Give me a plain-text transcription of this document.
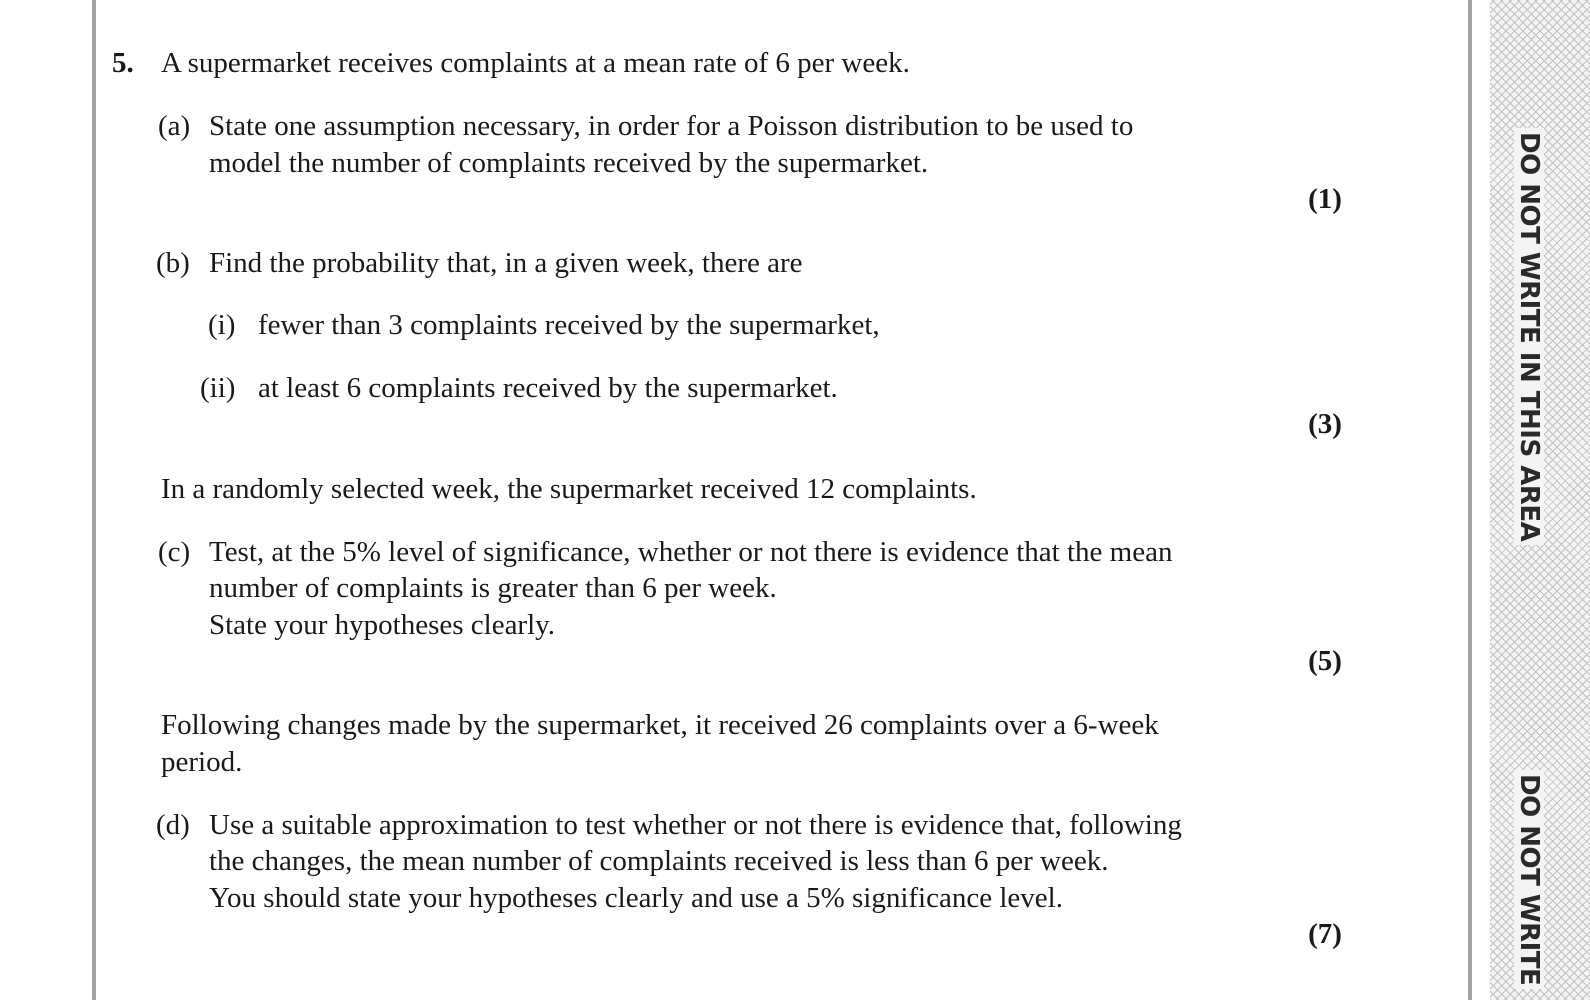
DO NOT WRITE IN THIS AREA
DO NOT WRITE
5. A supermarket receives complaints at a mean rate of 6 per week.
(a) State one assumption necessary, in order for a Poisson distribution to be used to
model the number of complaints received by the supermarket.
(1)
(b) Find the probability that, in a given week, there are
(i) fewer than 3 complaints received by the supermarket,
(ii) at least 6 complaints received by the supermarket.
(3)
In a randomly selected week, the supermarket received 12 complaints.
(c) Test, at the 5% level of significance, whether or not there is evidence that the mean
number of complaints is greater than 6 per week.
State your hypotheses clearly.
(5)
Following changes made by the supermarket, it received 26 complaints over a 6-week
period.
(d) Use a suitable approximation to test whether or not there is evidence that, following
the changes, the mean number of complaints received is less than 6 per week.
You should state your hypotheses clearly and use a 5% significance level.
(7)
